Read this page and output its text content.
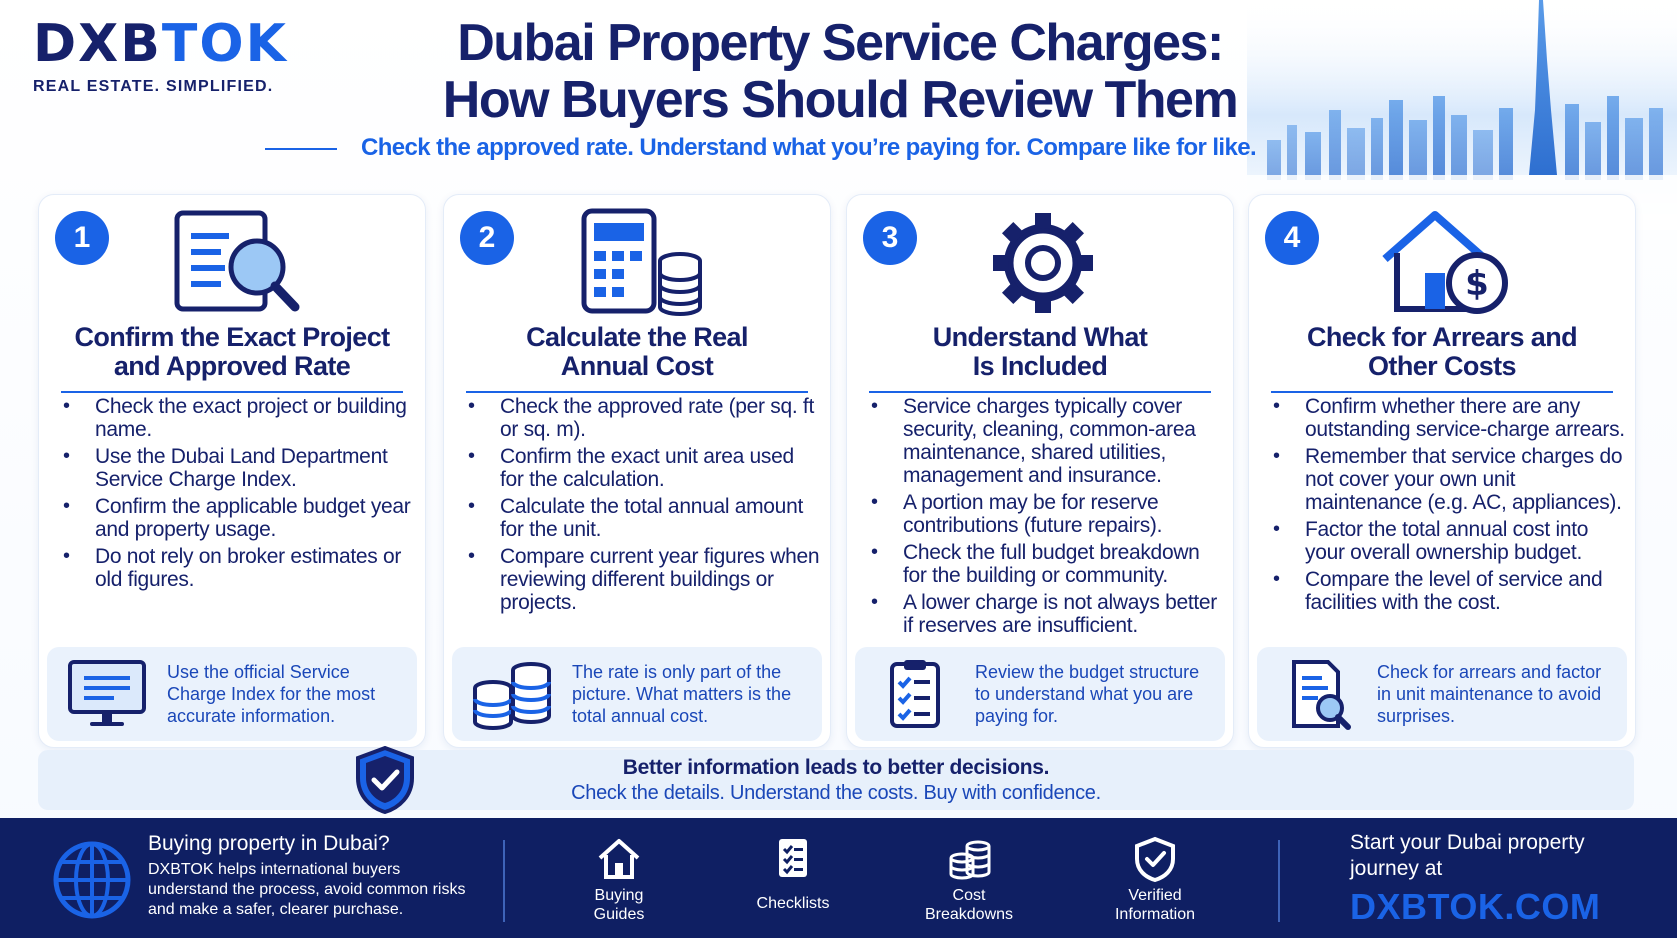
DXBTOK
REAL ESTATE. SIMPLIFIED.
Dubai Property Service Charges:
How Buyers Should Review Them
Check the approved rate. Understand what you’re paying for. Compare like for like.
1
Confirm the Exact Project
and Approved Rate
• Check the exact project or building name.
• Use the Dubai Land Department Service Charge Index.
• Confirm the applicable budget year and property usage.
• Do not rely on broker estimates or old figures.
Use the official Service Charge Index for the most accurate information.
2
Calculate the Real
Annual Cost
• Check the approved rate (per sq. ft or sq. m).
• Confirm the exact unit area used for the calculation.
• Calculate the total annual amount for the unit.
• Compare current year figures when reviewing different buildings or projects.
The rate is only part of the picture. What matters is the total annual cost.
3
Understand What
Is Included
• Service charges typically cover security, cleaning, common-area maintenance, shared utilities, management and insurance.
• A portion may be for reserve contributions (future repairs).
• Check the full budget breakdown for the building or community.
• A lower charge is not always better if reserves are insufficient.
Review the budget structure to understand what you are paying for.
4
$
Check for Arrears and
Other Costs
• Confirm whether there are any outstanding service-charge arrears.
• Remember that service charges do not cover your own unit maintenance (e.g. AC, appliances).
• Factor the total annual cost into your overall ownership budget.
• Compare the level of service and facilities with the cost.
Check for arrears and factor in unit maintenance to avoid surprises.
Better information leads to better decisions.
Check the details. Understand the costs. Buy with confidence.
Buying property in Dubai?
DXBTOK helps international buyers understand the process, avoid common risks and make a safer, clearer purchase.
Buying
Guides
Checklists	Cost
Breakdowns
Verified
Information
Start your Dubai property journey at
DXBTOK.COM
